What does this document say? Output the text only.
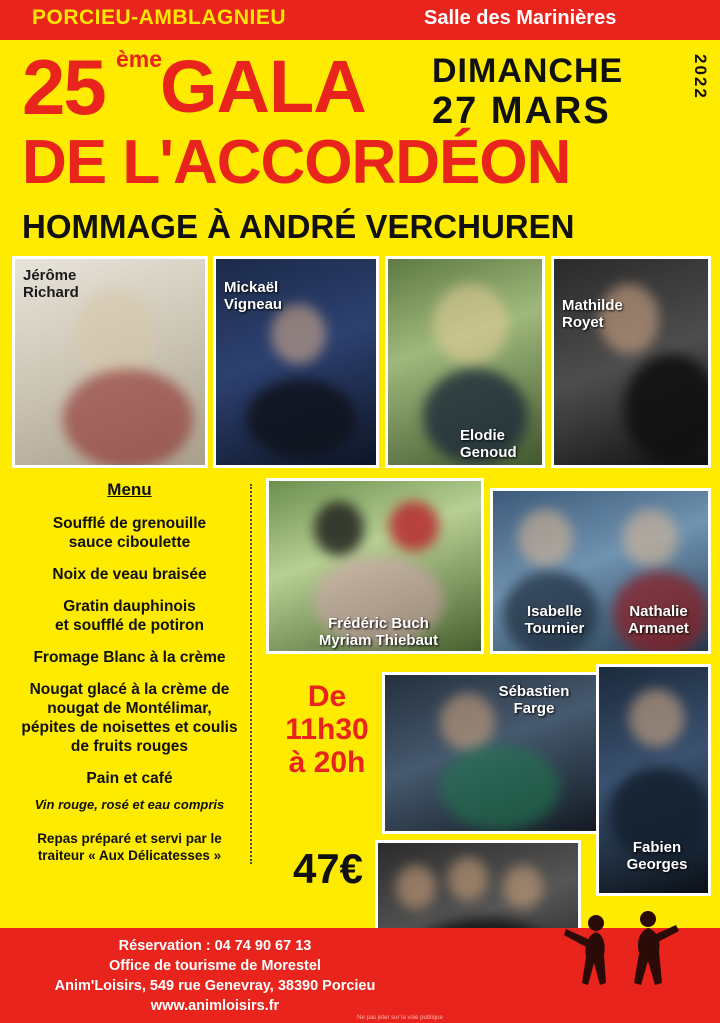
PORCIEU-AMBLAGNIEU	Salle des Marinières
25 ème
GALA DIMANCHE
27 MARS
2022
DE L'ACCORDÉON
HOMMAGE À ANDRÉ VERCHUREN
Jérôme
Richard	Mickaël
Vigneau
Elodie
Genoud
Mathilde
Royet
Frédéric Buch
Myriam Thiebaut
Isabelle
Tournier
Nathalie
Armanet
Sébastien
Farge
Fabien
Georges

Menu

Soufflé de grenouille
sauce ciboulette

Noix de veau braisée

Gratin dauphinois
et soufflé de potiron

Fromage Blanc à la crème

Nougat glacé à la crème de
nougat de Montélimar,
pépites de noisettes et coulis
de fruits rouges

Pain et café

Vin rouge, rosé et eau compris

Repas préparé et servi par le
traiteur « Aux Délicatesses »

De
11h30
à 20h
47€
Réservation : 04 74 90 67 13
Office de tourisme de Morestel
Anim'Loisirs, 549 rue Genevray, 38390 Porcieu
www.animloisirs.fr
Ne pas jeter sur la voie publique
